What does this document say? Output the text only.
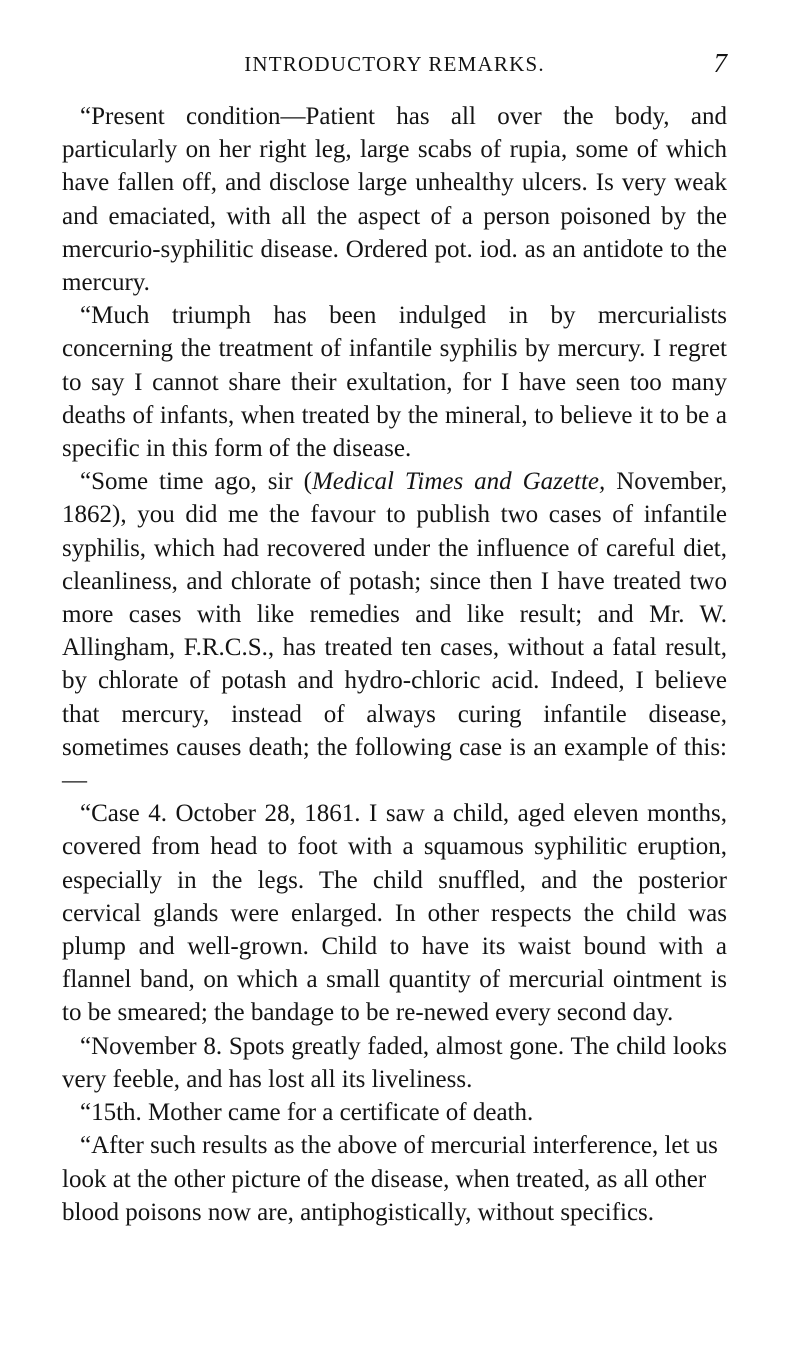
INTRODUCTORY REMARKS.	7

“Present condition—Patient has all over the body, and particularly on her right leg, large scabs of rupia, some of which have fallen off, and disclose large unhealthy ulcers. Is very weak and emaciated, with all the aspect of a person poisoned by the mercurio-syphilitic disease. Ordered pot. iod. as an antidote to the mercury.

“Much triumph has been indulged in by mercurialists concerning the treatment of infantile syphilis by mercury. I regret to say I cannot share their exultation, for I have seen too many deaths of infants, when treated by the mineral, to believe it to be a specific in this form of the disease.

“Some time ago, sir (Medical Times and Gazette, November, 1862), you did me the favour to publish two cases of infantile syphilis, which had recovered under the influence of careful diet, cleanliness, and chlorate of potash; since then I have treated two more cases with like remedies and like result; and Mr. W. Allingham, F.R.C.S., has treated ten cases, without a fatal result, by chlorate of potash and hydro-chloric acid. Indeed, I believe that mercury, instead of always curing infantile disease, sometimes causes death; the following case is an example of this:—

“Case 4. October 28, 1861. I saw a child, aged eleven months, covered from head to foot with a squamous syphilitic eruption, especially in the legs. The child snuffled, and the posterior cervical glands were enlarged. In other respects the child was plump and well-grown. Child to have its waist bound with a flannel band, on which a small quantity of mercurial ointment is to be smeared; the bandage to be re-newed every second day.

“November 8. Spots greatly faded, almost gone. The child looks very feeble, and has lost all its liveliness.

“15th. Mother came for a certificate of death.

“After such results as the above of mercurial interference, let us look at the other picture of the disease, when treated, as all other blood poisons now are, antiphogistically, without specifics.
